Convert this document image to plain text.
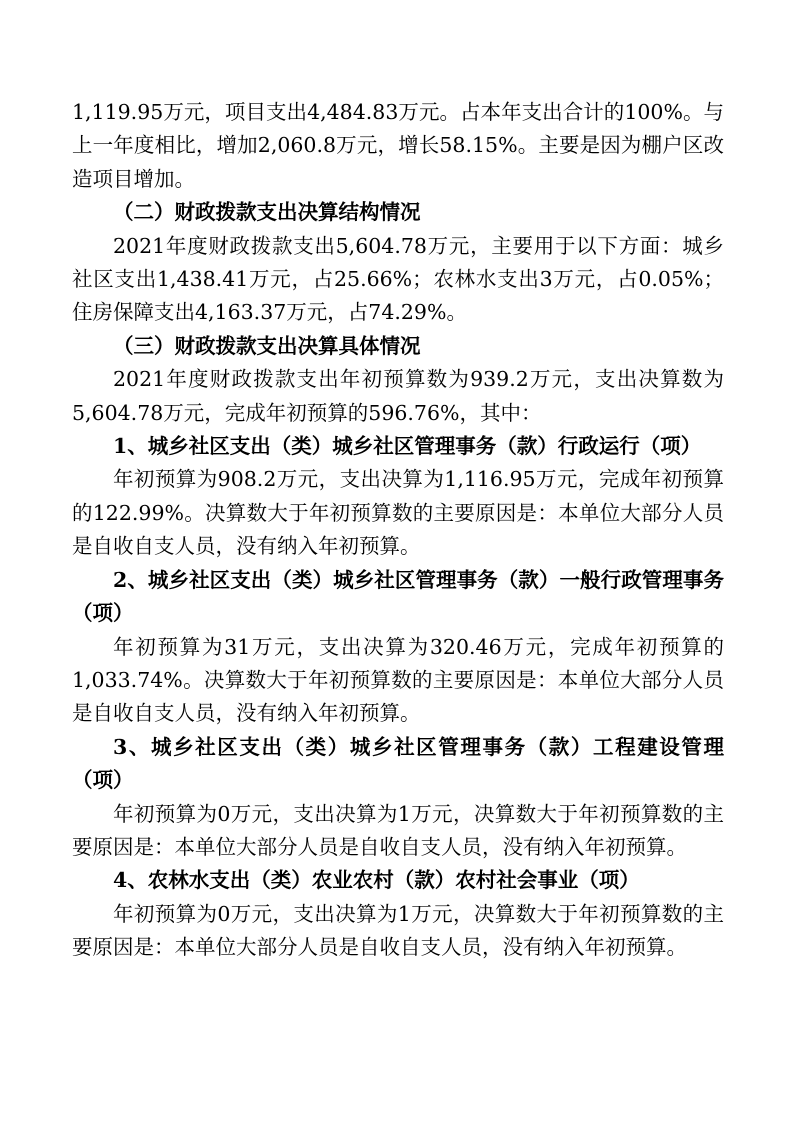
1,119.95万元，项目支出4,484.83万元。占本年支出合计的100%。与上一年度相比，增加2,060.8万元，增长58.15%。主要是因为棚户区改造项目增加。

（二）财政拨款支出决算结构情况

2021年度财政拨款支出5,604.78万元，主要用于以下方面：城乡社区支出1,438.41万元，占25.66%；农林水支出3万元，占0.05%；住房保障支出4,163.37万元，占74.29%。

（三）财政拨款支出决算具体情况

2021年度财政拨款支出年初预算数为939.2万元，支出决算数为5,604.78万元，完成年初预算的596.76%，其中：

1、城乡社区支出（类）城乡社区管理事务（款）行政运行（项）

年初预算为908.2万元，支出决算为1,116.95万元，完成年初预算的122.99%。决算数大于年初预算数的主要原因是：本单位大部分人员是自收自支人员，没有纳入年初预算。

2、城乡社区支出（类）城乡社区管理事务（款）一般行政管理事务（项）

年初预算为31万元，支出决算为320.46万元，完成年初预算的1,033.74%。决算数大于年初预算数的主要原因是：本单位大部分人员是自收自支人员，没有纳入年初预算。

3、城乡社区支出（类）城乡社区管理事务（款）工程建设管理（项）

年初预算为0万元，支出决算为1万元，决算数大于年初预算数的主要原因是：本单位大部分人员是自收自支人员，没有纳入年初预算。

4、农林水支出（类）农业农村（款）农村社会事业（项）

年初预算为0万元，支出决算为1万元，决算数大于年初预算数的主要原因是：本单位大部分人员是自收自支人员，没有纳入年初预算。
